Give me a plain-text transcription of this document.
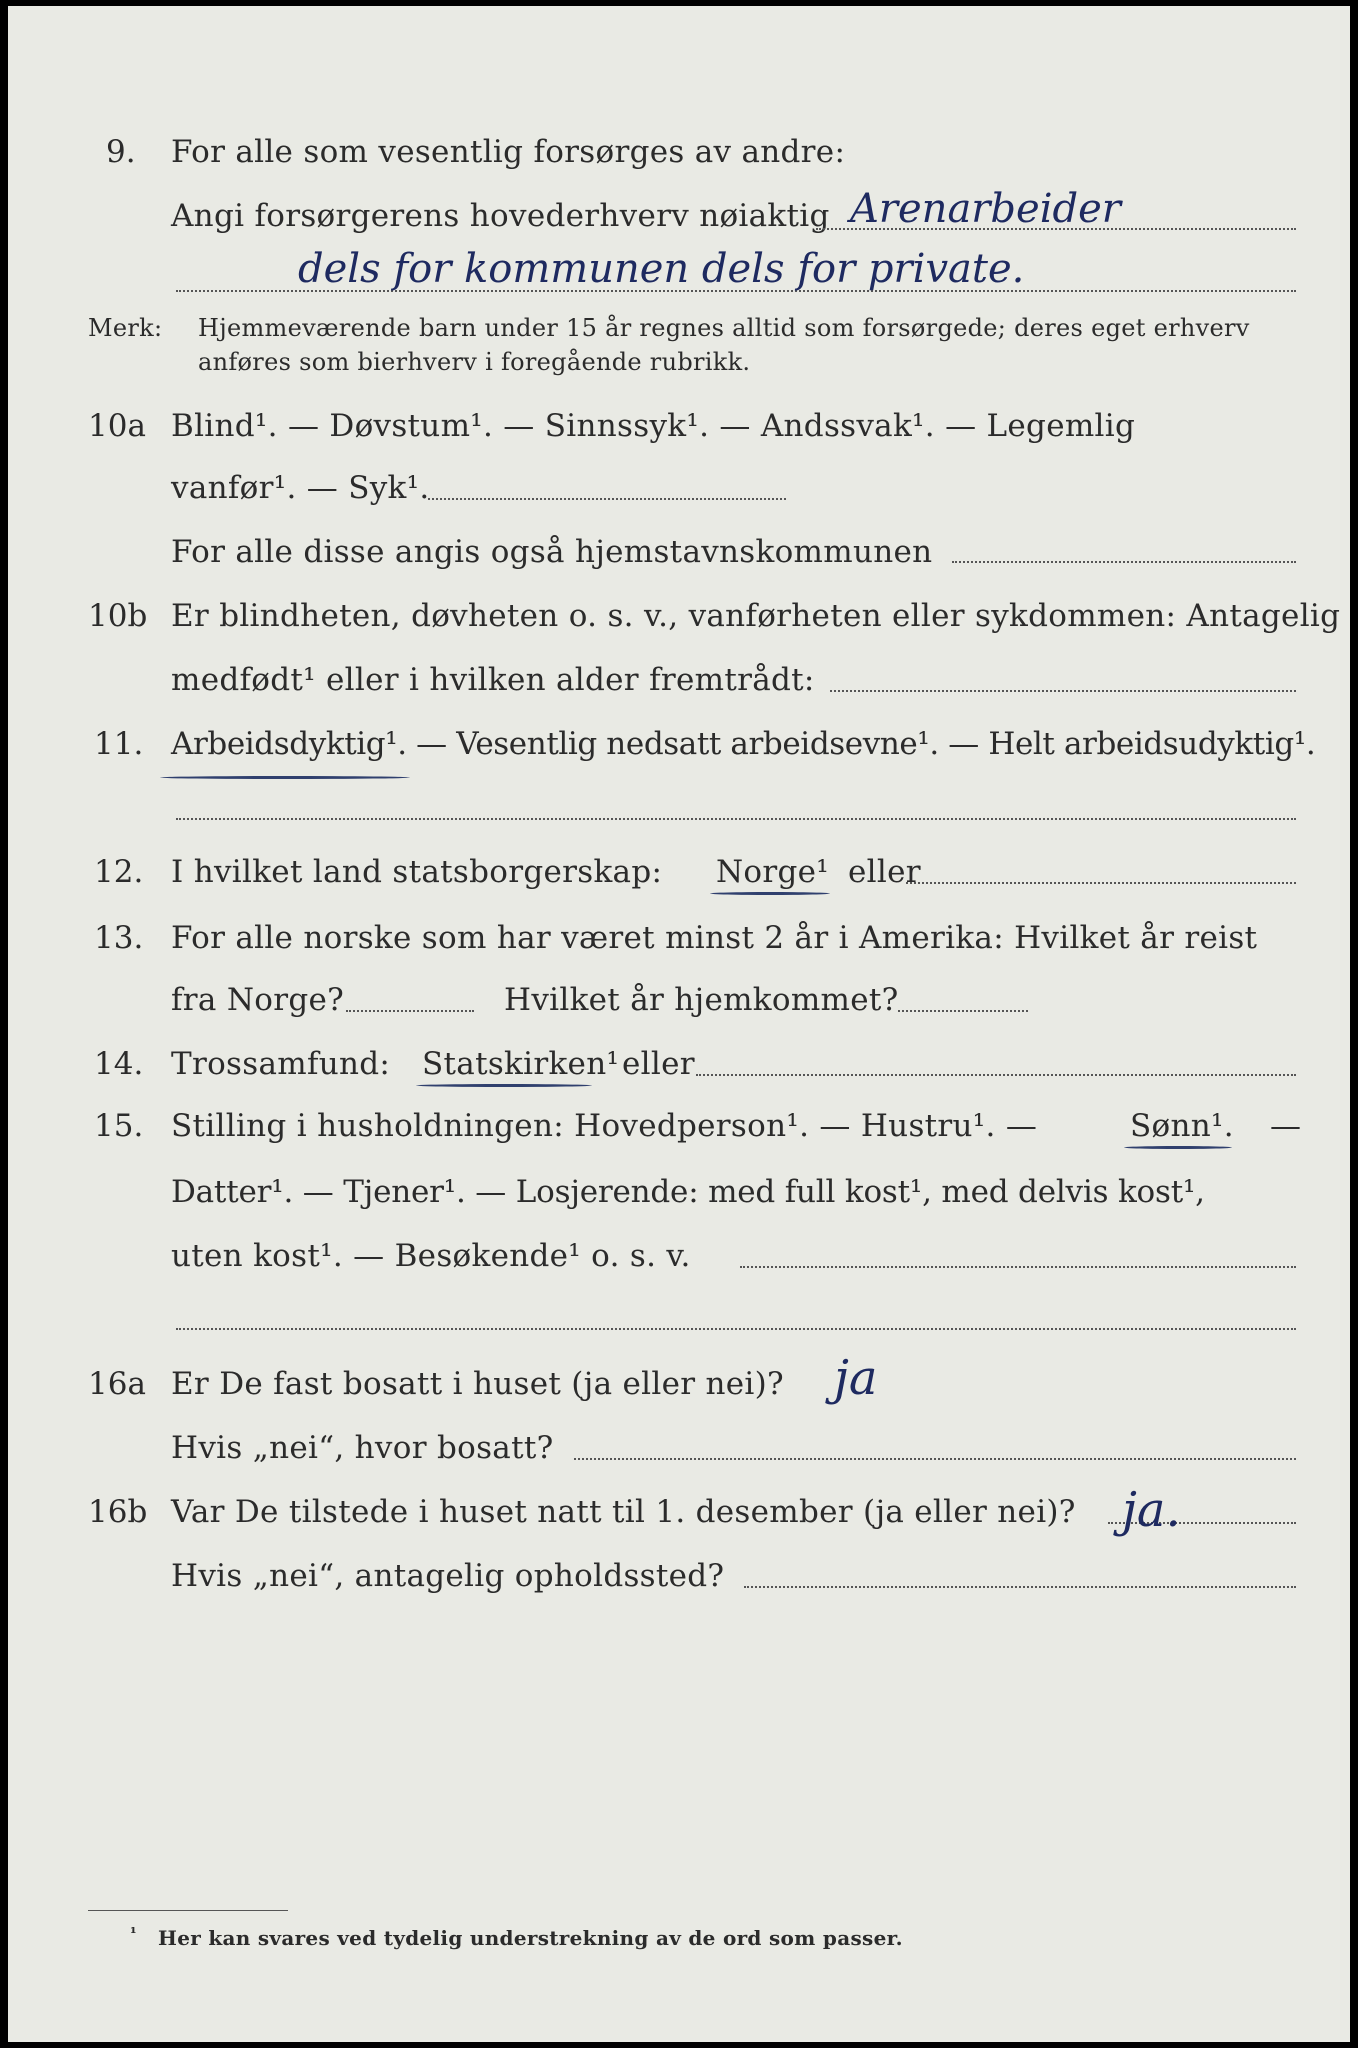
9. For alle som vesentlig forsørges av andre:
Angi forsørgerens hovederhverv nøiaktig Arenarbeider
dels for kommunen dels for private.
Merk: Hjemmeværende barn under 15 år regnes alltid som forsørgede; deres eget erhverv
anføres som bierhverv i foregående rubrikk.
10a Blind¹. — Døvstum¹. — Sinnssyk¹. — Andssvak¹. — Legemlig
vanfør¹. — Syk¹.
For alle disse angis også hjemstavnskommunen
10b Er blindheten, døvheten o. s. v., vanførheten eller sykdommen: Antagelig
medfødt¹ eller i hvilken alder fremtrådt:
11. Arbeidsdyktig¹. — Vesentlig nedsatt arbeidsevne¹. — Helt arbeidsudyktig¹.
12. I hvilket land statsborgerskap: Norge¹ eller
13. For alle norske som har været minst 2 år i Amerika: Hvilket år reist
fra Norge?	Hvilket år hjemkommet?
14. Trossamfund: Statskirken¹ eller
15. Stilling i husholdningen: Hovedperson¹. — Hustru¹. —	Sønn¹. —
Datter¹. — Tjener¹. — Losjerende: med full kost¹, med delvis kost¹,
uten kost¹. — Besøkende¹ o. s. v.
16a Er De fast bosatt i huset (ja eller nei)? ja
Hvis „nei“, hvor bosatt?
16b Var De tilstede i huset natt til 1. desember (ja eller nei)? ja.
Hvis „nei“, antagelig opholdssted?
¹ Her kan svares ved tydelig understrekning av de ord som passer.
